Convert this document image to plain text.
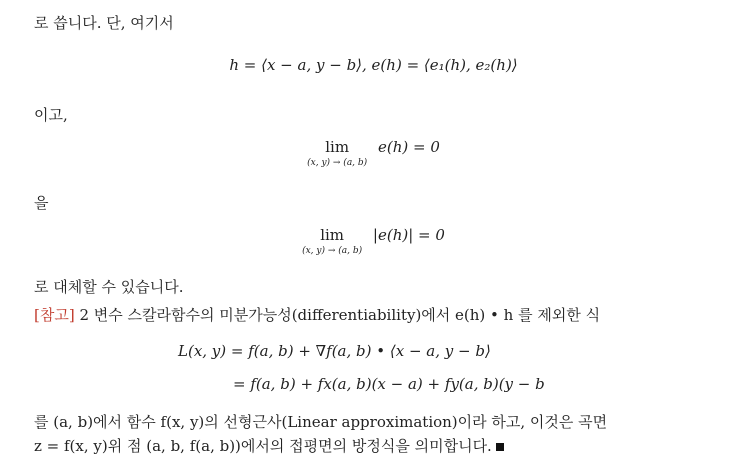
로 씁니다. 단, 여기서
h = ⟨x − a, y − b⟩, e(h) = ⟨e₁(h), e₂(h)⟩
이고,
lim
(x, y) → (a, b)
e(h) = 0
을
lim
(x, y) → (a, b)
|e(h)| = 0
로 대체할 수 있습니다.
[참고] 2 변수 스칼라함수의 미분가능성(differentiability)에서 e(h) • h 를 제외한 식
L(x, y) = f(a, b) + ∇f(a, b) • ⟨x − a, y − b⟩
= f(a, b) + fx(a, b)(x − a) + fy(a, b)(y − b
를 (a, b)에서 함수 f(x, y)의 선형근사(Linear approximation)이라 하고, 이것은 곡면
z = f(x, y)위 점 (a, b, f(a, b))에서의 접평면의 방정식을 의미합니다.
